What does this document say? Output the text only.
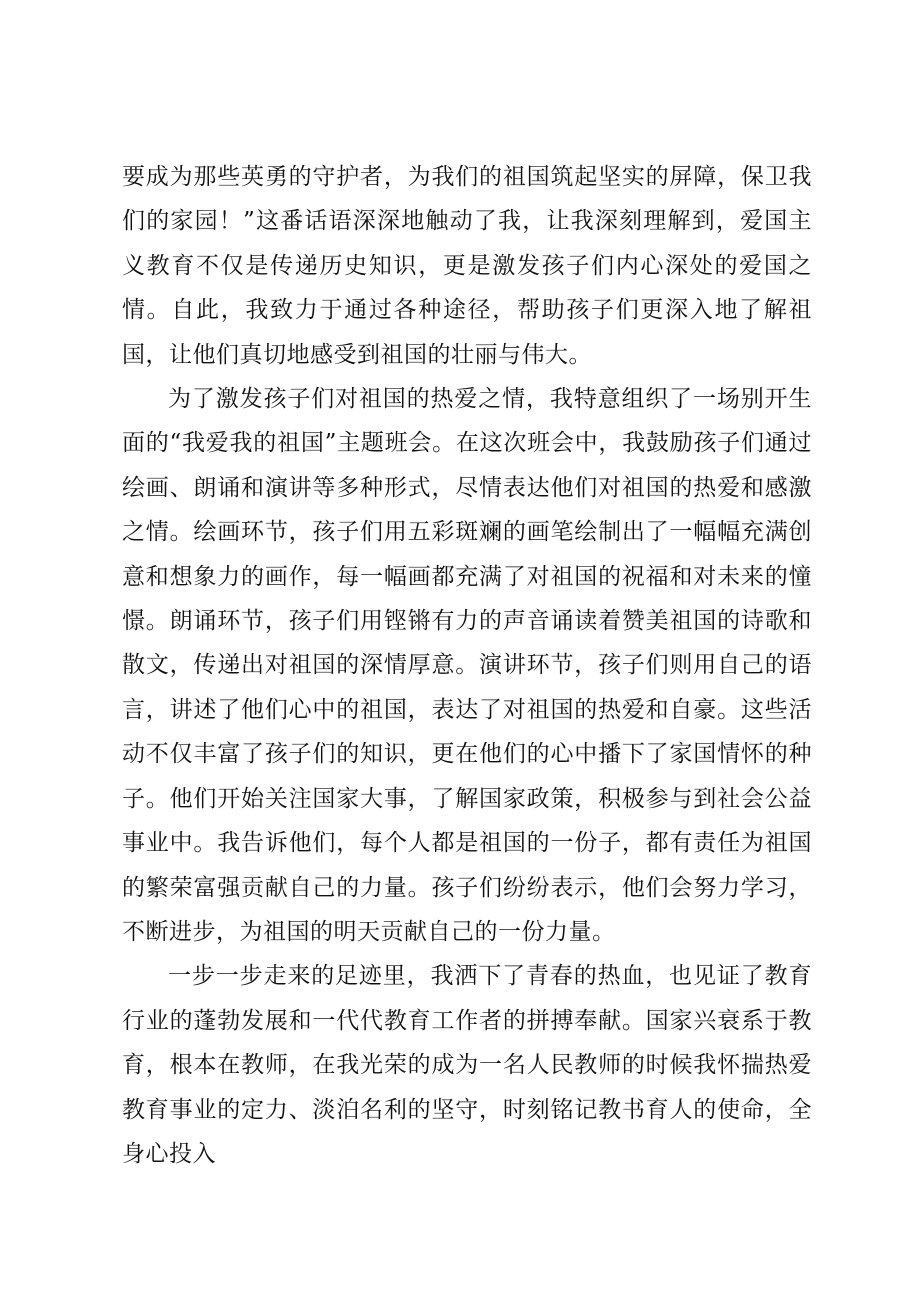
要成为那些英勇的守护者，为我们的祖国筑起坚实的屏障，保卫我们的家园！”这番话语深深地触动了我，让我深刻理解到，爱国主义教育不仅是传递历史知识，更是激发孩子们内心深处的爱国之情。自此，我致力于通过各种途径，帮助孩子们更深入地了解祖国，让他们真切地感受到祖国的壮丽与伟大。

为了激发孩子们对祖国的热爱之情，我特意组织了一场别开生面的“我爱我的祖国”主题班会。在这次班会中，我鼓励孩子们通过绘画、朗诵和演讲等多种形式，尽情表达他们对祖国的热爱和感激之情。绘画环节，孩子们用五彩斑斓的画笔绘制出了一幅幅充满创意和想象力的画作，每一幅画都充满了对祖国的祝福和对未来的憧憬。朗诵环节，孩子们用铿锵有力的声音诵读着赞美祖国的诗歌和散文，传递出对祖国的深情厚意。演讲环节，孩子们则用自己的语言，讲述了他们心中的祖国，表达了对祖国的热爱和自豪。这些活动不仅丰富了孩子们的知识，更在他们的心中播下了家国情怀的种子。他们开始关注国家大事，了解国家政策，积极参与到社会公益事业中。我告诉他们，每个人都是祖国的一份子，都有责任为祖国的繁荣富强贡献自己的力量。孩子们纷纷表示，他们会努力学习，不断进步，为祖国的明天贡献自己的一份力量。

一步一步走来的足迹里，我洒下了青春的热血，也见证了教育行业的蓬勃发展和一代代教育工作者的拼搏奉献。国家兴衰系于教育，根本在教师，在我光荣的成为一名人民教师的时候我怀揣热爱教育事业的定力、淡泊名利的坚守，时刻铭记教书育人的使命，全身心投入
